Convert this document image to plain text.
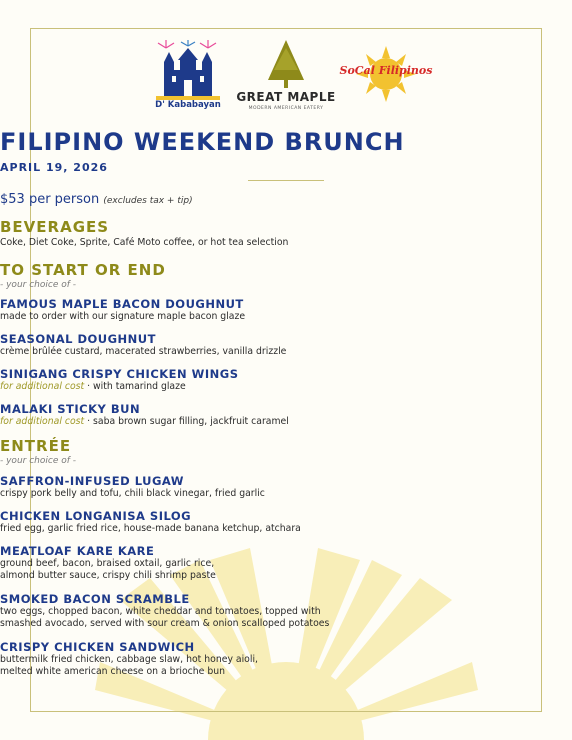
D' Kababayan
GREAT MAPLE
MODERN AMERICAN EATERY
SoCal Filipinos
FILIPINO WEEKEND BRUNCH
APRIL 19, 2026
$53 per person (excludes tax + tip)
BEVERAGES
Coke, Diet Coke, Sprite, Café Moto coffee, or hot tea selection
TO START OR END
- your choice of -
FAMOUS MAPLE BACON DOUGHNUT
made to order with our signature maple bacon glaze
SEASONAL DOUGHNUT
crème brûlée custard, macerated strawberries, vanilla drizzle
SINIGANG CRISPY CHICKEN WINGS
for additional cost · with tamarind glaze
MALAKI STICKY BUN
for additional cost · saba brown sugar filling, jackfruit caramel
ENTRÉE
- your choice of -
SAFFRON-INFUSED LUGAW
crispy pork belly and tofu, chili black vinegar, fried garlic
CHICKEN LONGANISA SILOG
fried egg, garlic fried rice, house-made banana ketchup, atchara
MEATLOAF KARE KARE
ground beef, bacon, braised oxtail, garlic rice,
almond butter sauce, crispy chili shrimp paste
SMOKED BACON SCRAMBLE
two eggs, chopped bacon, white cheddar and tomatoes, topped with
smashed avocado, served with sour cream & onion scalloped potatoes
CRISPY CHICKEN SANDWICH
buttermilk fried chicken, cabbage slaw, hot honey aioli,
melted white american cheese on a brioche bun
